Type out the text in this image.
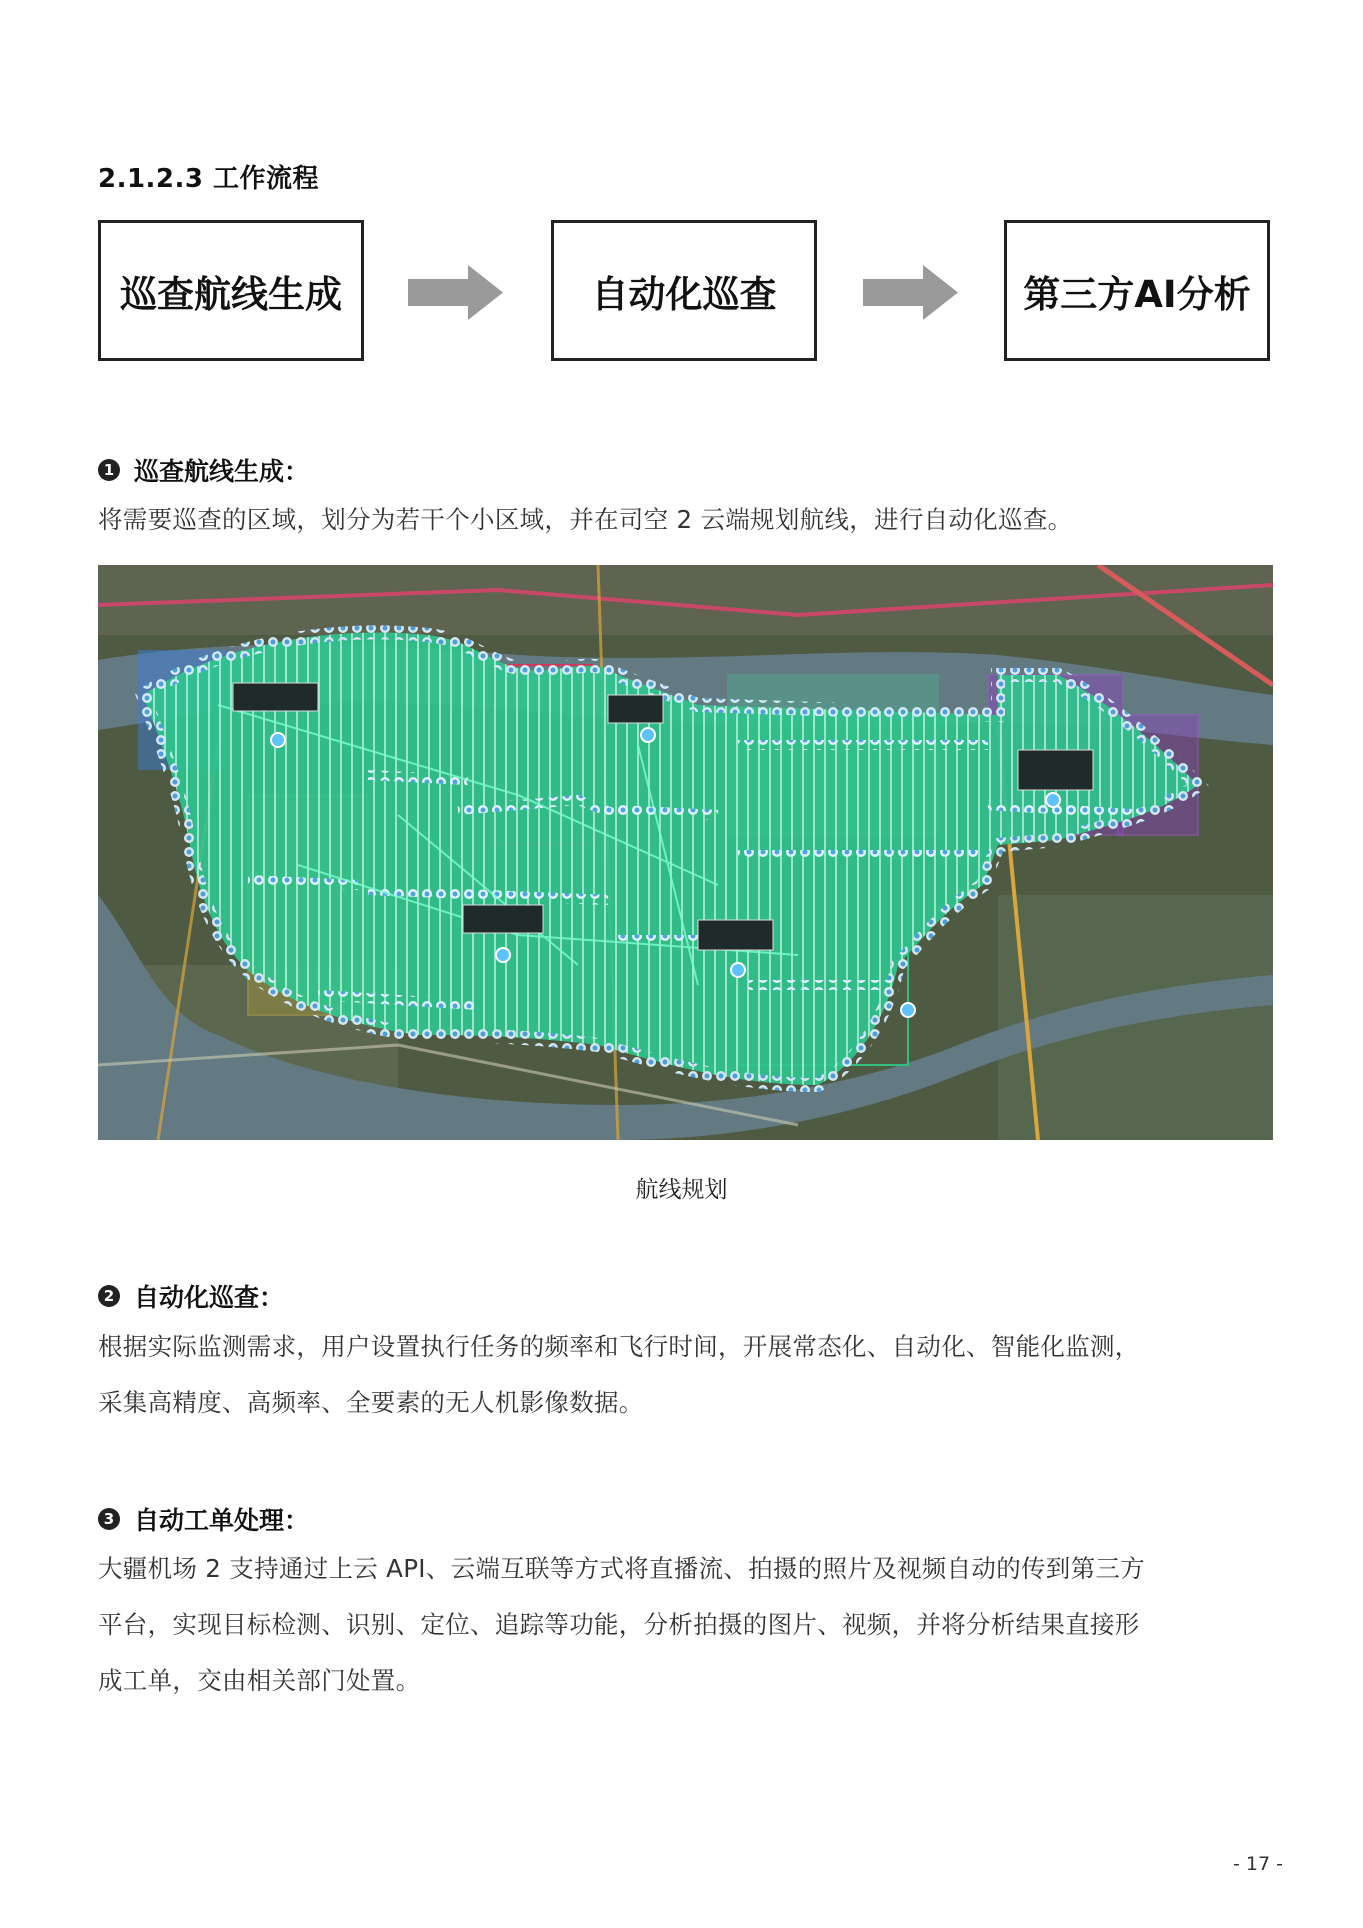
2.1.2.3 工作流程
巡查航线生成	自动化巡查	第三方AI分析
1 巡查航线生成：
将需要巡查的区域，划分为若干个小区域，并在司空 2 云端规划航线，进行自动化巡查。
航线规划
2 自动化巡查：
根据实际监测需求，用户设置执行任务的频率和飞行时间，开展常态化、自动化、智能化监测，
采集高精度、高频率、全要素的无人机影像数据。
3 自动工单处理：
大疆机场 2 支持通过上云 API、云端互联等方式将直播流、拍摄的照片及视频自动的传到第三方
平台，实现目标检测、识别、定位、追踪等功能，分析拍摄的图片、视频，并将分析结果直接形
成工单，交由相关部门处置。
- 17 -
